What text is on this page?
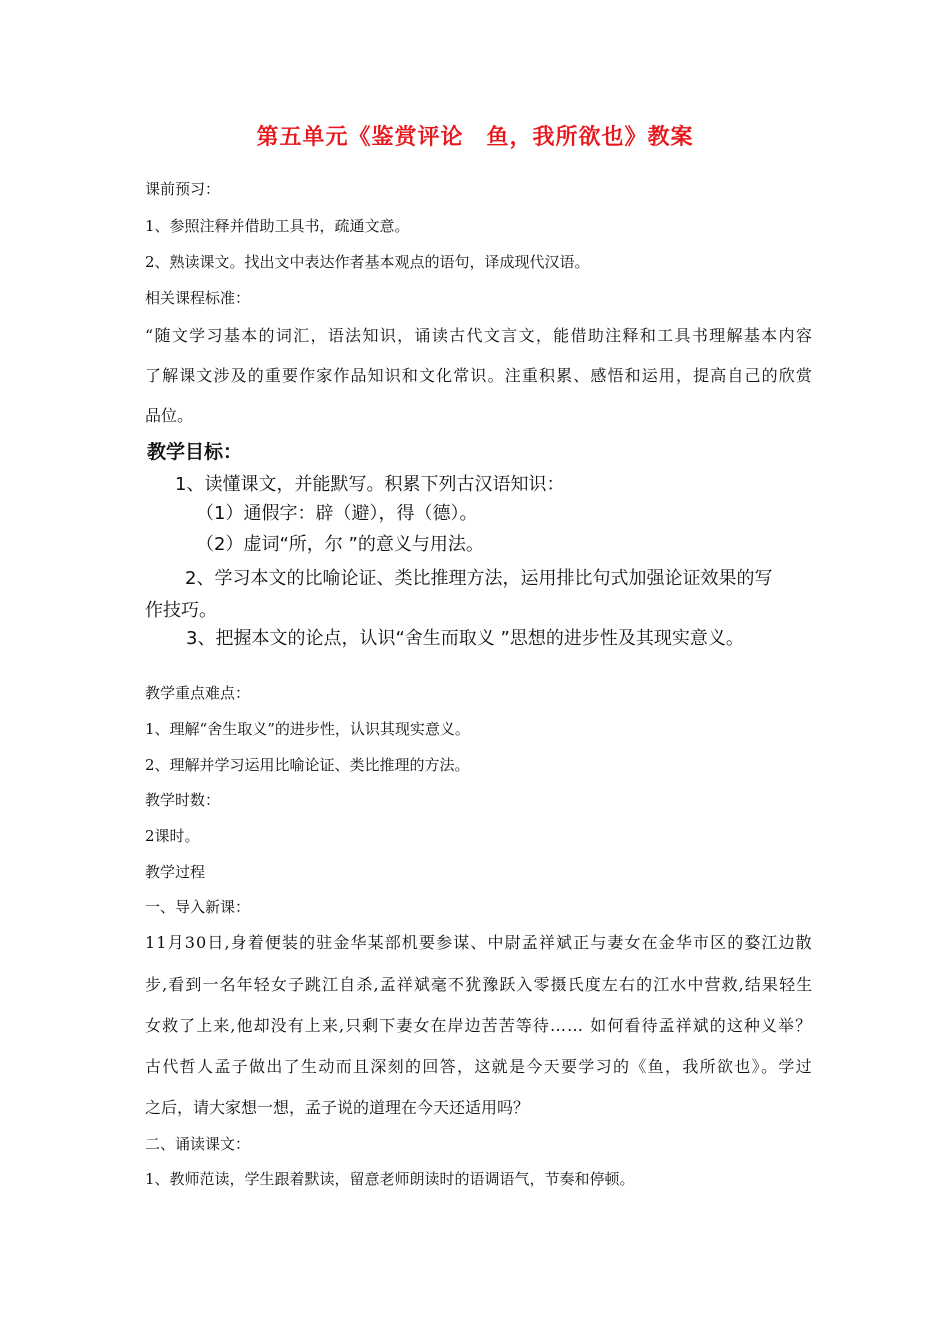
第五单元《鉴赏评论　鱼，我所欲也》教案
课前预习：
1、参照注释并借助工具书，疏通文意。
2、熟读课文。找出文中表达作者基本观点的语句，译成现代汉语。
相关课程标准：
“随文学习基本的词汇，语法知识，诵读古代文言文，能借助注释和工具书理解基本内容
了解课文涉及的重要作家作品知识和文化常识。注重积累、感悟和运用，提高自己的欣赏
品位。
教学目标：
1、读懂课文，并能默写。积累下列古汉语知识：
（1）通假字：辟（避），得（德）。
（2）虚词“所，尔 ”的意义与用法。
2、学习本文的比喻论证、类比推理方法，运用排比句式加强论证效果的写
作技巧。
3、把握本文的论点，认识“舍生而取义 ”思想的进步性及其现实意义。
教学重点难点：
1、理解“舍生取义”的进步性，认识其现实意义。
2、理解并学习运用比喻论证、类比推理的方法。
教学时数：
2课时。
教学过程
一、导入新课：
11月30日,身着便装的驻金华某部机要参谋、中尉孟祥斌正与妻女在金华市区的婺江边散
步,看到一名年轻女子跳江自杀,孟祥斌毫不犹豫跃入零摄氏度左右的江水中营救,结果轻生
女救了上来,他却没有上来,只剩下妻女在岸边苦苦等待…… 如何看待孟祥斌的这种义举？
古代哲人孟子做出了生动而且深刻的回答，这就是今天要学习的《鱼，我所欲也》。学过
之后，请大家想一想，孟子说的道理在今天还适用吗？
二、诵读课文：
1、教师范读，学生跟着默读，留意老师朗读时的语调语气，节奏和停顿。
